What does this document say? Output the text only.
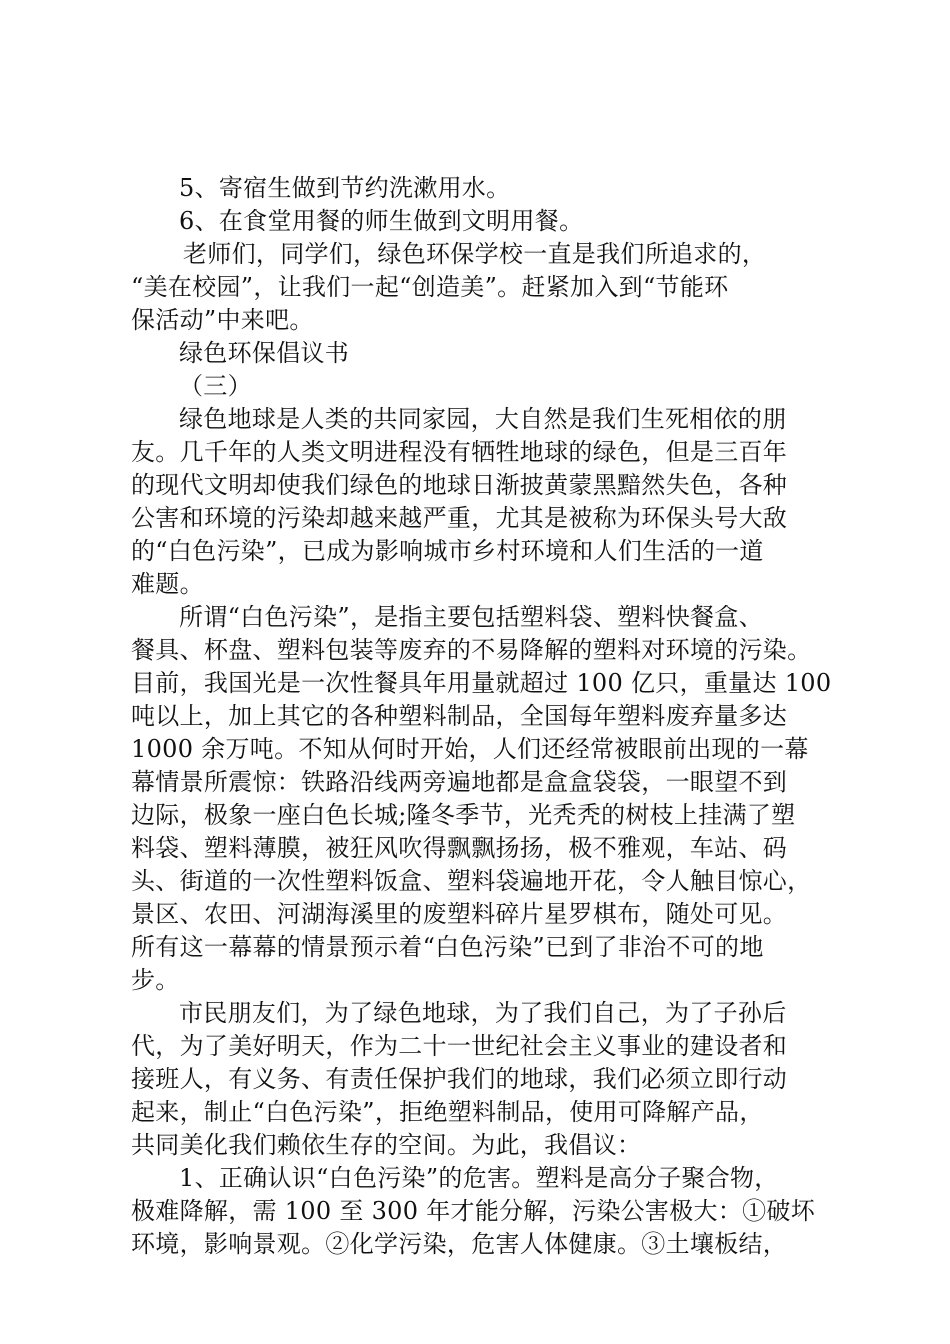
5、寄宿生做到节约洗漱用水。
6、在食堂用餐的师生做到文明用餐。
老师们，同学们，绿色环保学校一直是我们所追求的，
“美在校园”，让我们一起“创造美”。赶紧加入到“节能环
保活动”中来吧。
绿色环保倡议书
（三）
绿色地球是人类的共同家园，大自然是我们生死相依的朋
友。几千年的人类文明进程没有牺牲地球的绿色，但是三百年
的现代文明却使我们绿色的地球日渐披黄蒙黑黯然失色，各种
公害和环境的污染却越来越严重，尤其是被称为环保头号大敌
的“白色污染”，已成为影响城市乡村环境和人们生活的一道
难题。
所谓“白色污染”，是指主要包括塑料袋、塑料快餐盒、
餐具、杯盘、塑料包装等废弃的不易降解的塑料对环境的污染。
目前，我国光是一次性餐具年用量就超过 100 亿只，重量达 100
吨以上，加上其它的各种塑料制品，全国每年塑料废弃量多达
1000 余万吨。不知从何时开始，人们还经常被眼前出现的一幕
幕情景所震惊：铁路沿线两旁遍地都是盒盒袋袋，一眼望不到
边际，极象一座白色长城;隆冬季节，光秃秃的树枝上挂满了塑
料袋、塑料薄膜，被狂风吹得飘飘扬扬，极不雅观，车站、码
头、街道的一次性塑料饭盒、塑料袋遍地开花，令人触目惊心，
景区、农田、河湖海溪里的废塑料碎片星罗棋布，随处可见。
所有这一幕幕的情景预示着“白色污染”已到了非治不可的地
步。
市民朋友们，为了绿色地球，为了我们自己，为了子孙后
代，为了美好明天，作为二十一世纪社会主义事业的建设者和
接班人，有义务、有责任保护我们的地球，我们必须立即行动
起来，制止“白色污染”，拒绝塑料制品，使用可降解产品，
共同美化我们赖依生存的空间。为此，我倡议：
1、正确认识“白色污染”的危害。塑料是高分子聚合物，
极难降解，需 100 至 300 年才能分解，污染公害极大：①破坏
环境，影响景观。②化学污染，危害人体健康。③土壤板结，
